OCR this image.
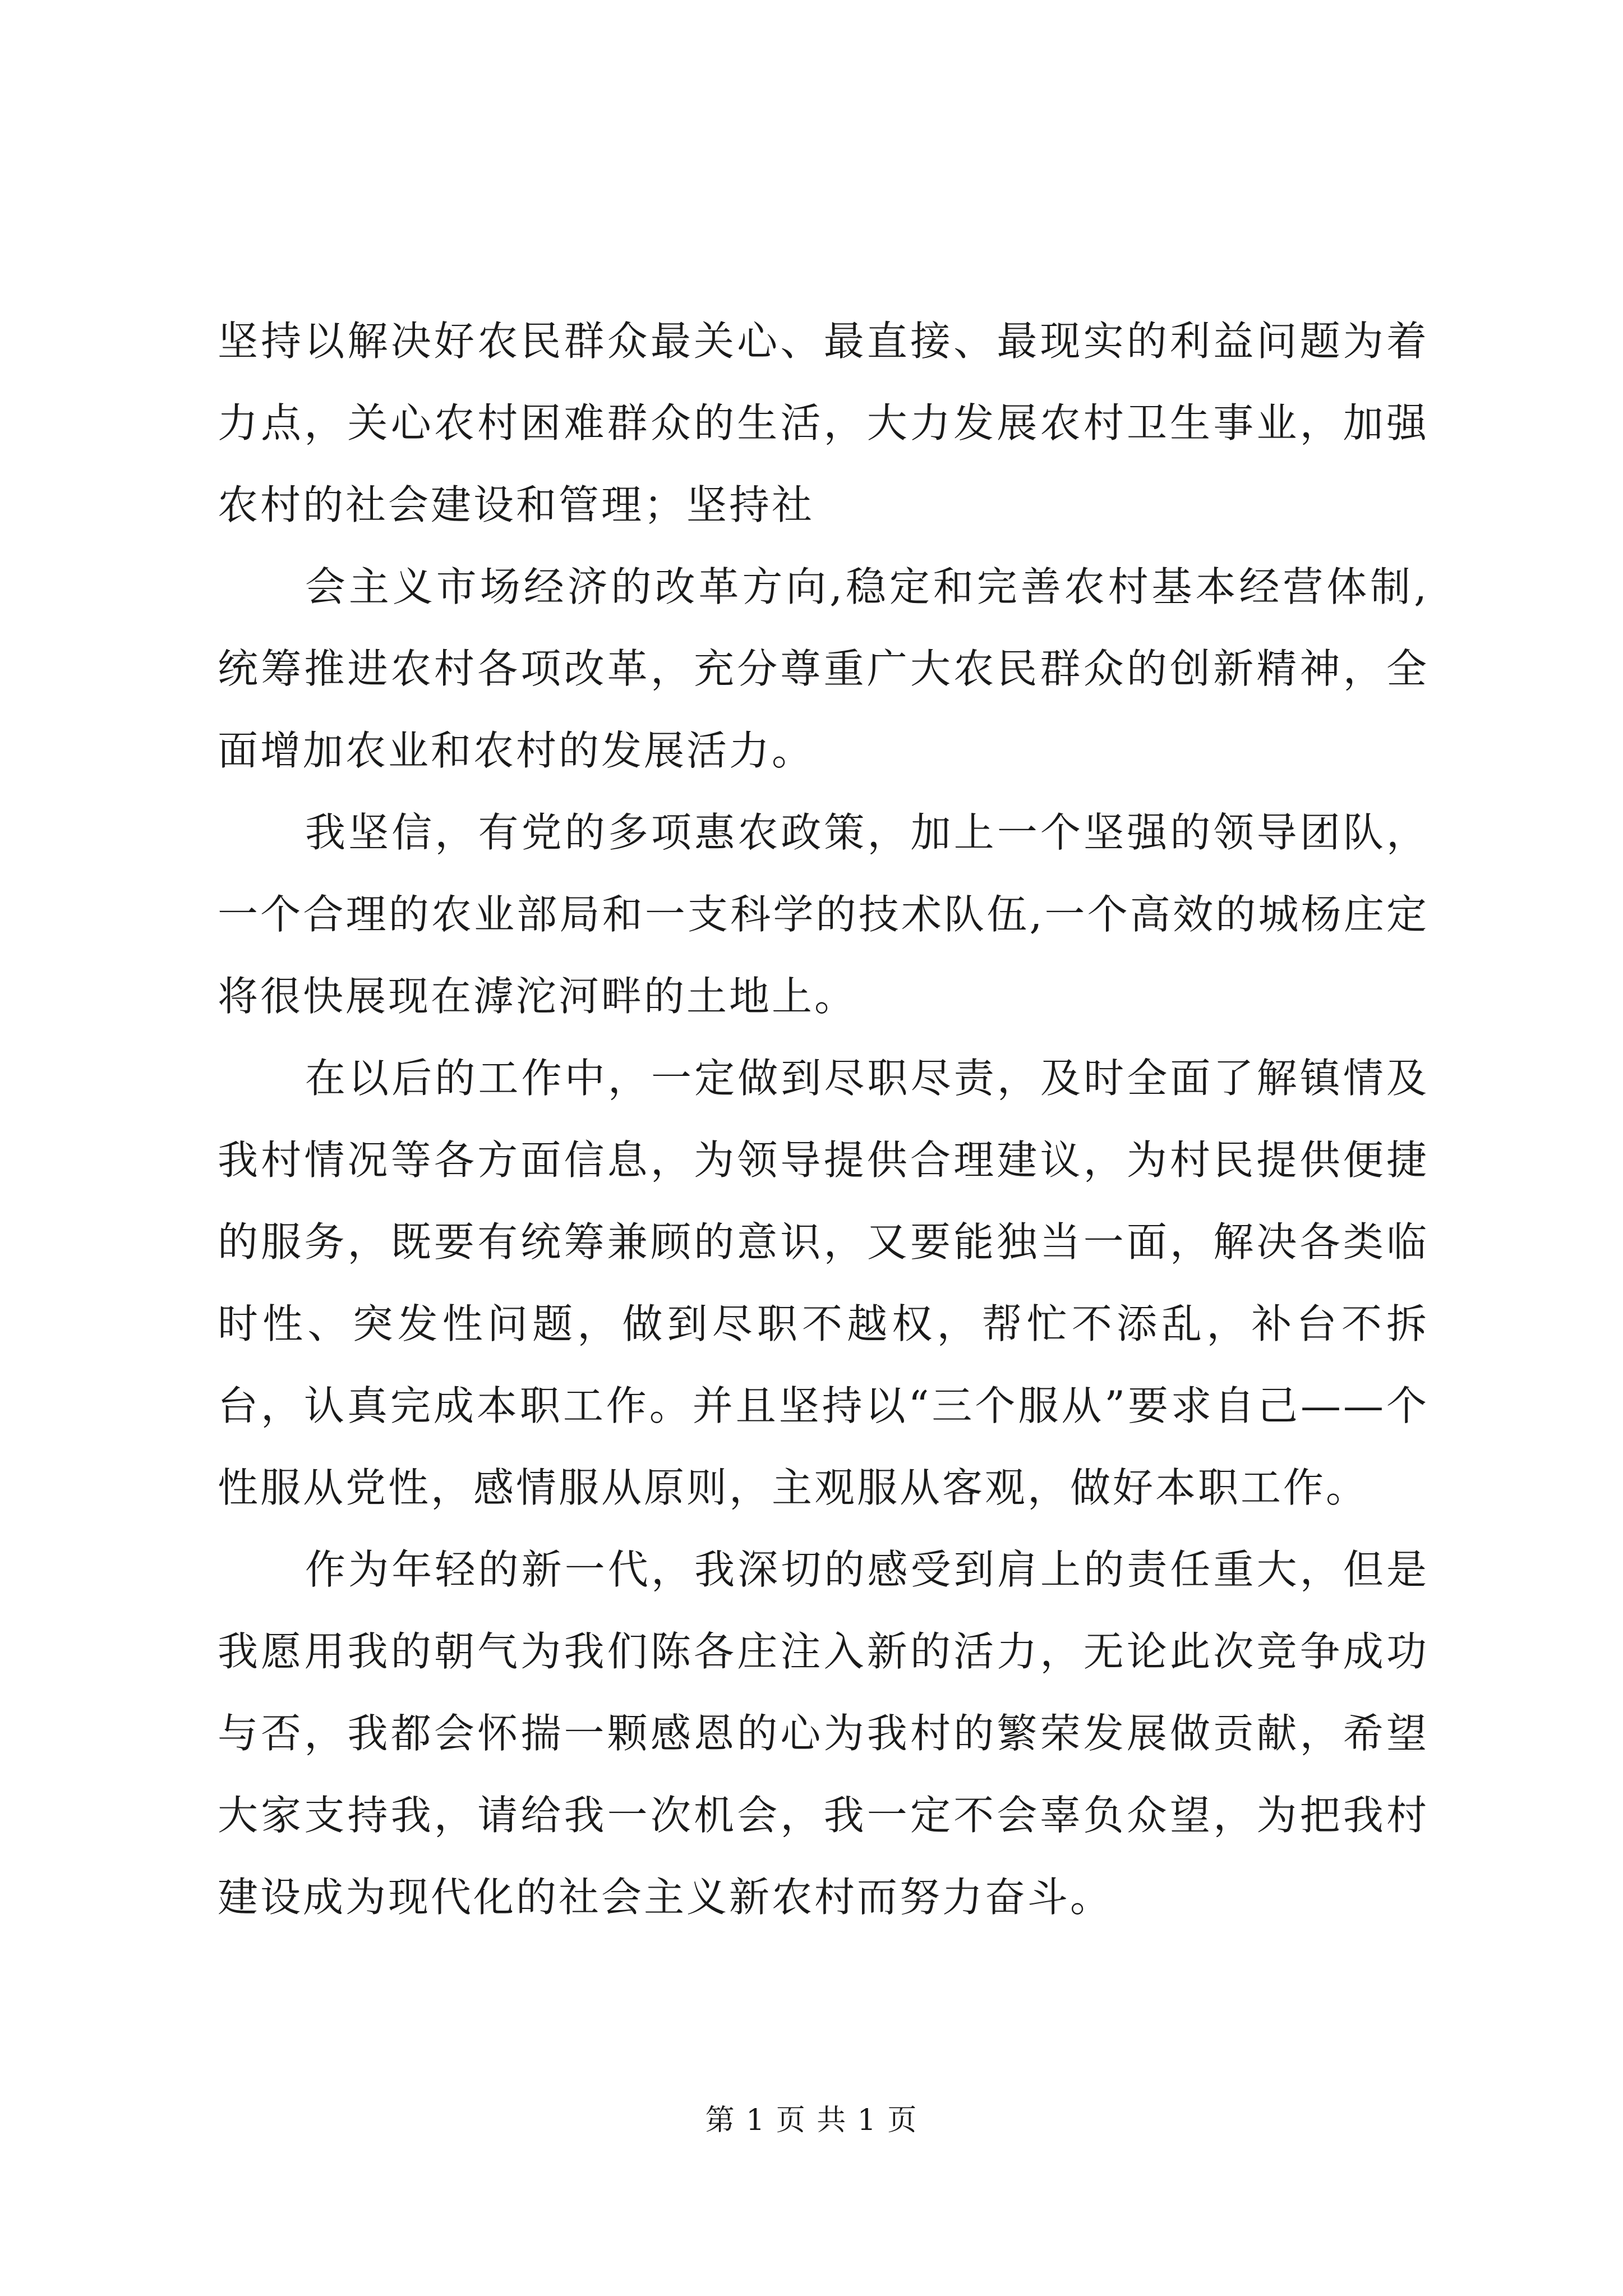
坚持以解决好农民群众最关心、最直接、最现实的利益问题为着力点，关心农村困难群众的生活，大力发展农村卫生事业，加强农村的社会建设和管理；坚持社

会主义市场经济的改革方向,稳定和完善农村基本经营体制,统筹推进农村各项改革，充分尊重广大农民群众的创新精神，全面增加农业和农村的发展活力。

我坚信，有党的多项惠农政策，加上一个坚强的领导团队，一个合理的农业部局和一支科学的技术队伍,一个高效的城杨庄定将很快展现在滹沱河畔的土地上。

在以后的工作中，一定做到尽职尽责，及时全面了解镇情及我村情况等各方面信息，为领导提供合理建议，为村民提供便捷的服务，既要有统筹兼顾的意识，又要能独当一面，解决各类临时性、突发性问题，做到尽职不越权，帮忙不添乱，补台不拆台，认真完成本职工作。并且坚持以“三个服从”要求自己——个性服从党性，感情服从原则，主观服从客观，做好本职工作。

作为年轻的新一代，我深切的感受到肩上的责任重大，但是我愿用我的朝气为我们陈各庄注入新的活力，无论此次竞争成功与否，我都会怀揣一颗感恩的心为我村的繁荣发展做贡献，希望大家支持我，请给我一次机会，我一定不会辜负众望，为把我村建设成为现代化的社会主义新农村而努力奋斗。

第 1 页 共 1 页
